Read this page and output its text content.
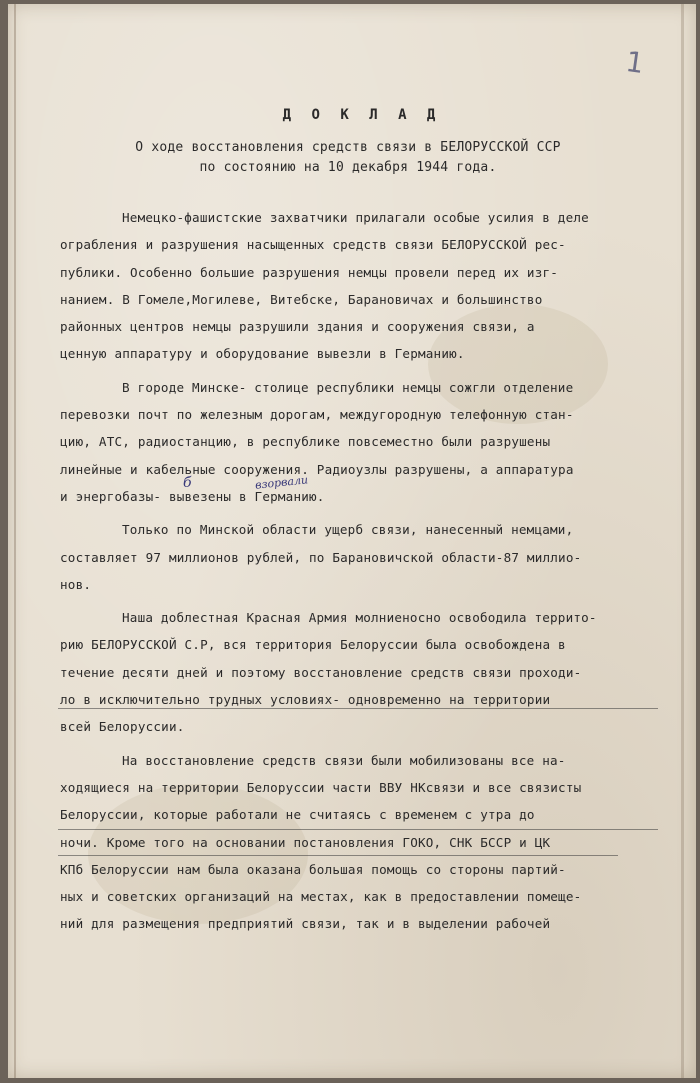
1
Д О К Л А Д
О ходе восстановления средств связи в БЕЛОРУССКОЙ ССР
по состоянию на 10 декабря 1944 года.
Немецко-фашистские захватчики прилагали особые усилия в деле
ограбления и разрушения насыщенных средств связи БЕЛОРУССКОЙ рес-
публики. Особенно большие разрушения немцы провели перед их изг-
нанием. В Гомеле,Могилеве, Витебске, Барановичах и большинство
районных центров немцы разрушили здания и сооружения связи, а
ценную аппаратуру и оборудование вывезли в Германию.
В городе Минске- столице республики немцы сожгли отделение
перевозки почт по железным дорогам, междугородную телефонную стан-
цию, АТС, радиостанцию, в республике повсеместно были разрушены
линейные и кабельные сооружения. Радиоузлы разрушены, а аппаратура
и энергобазы- вывезены в Германию.
Только по Минской области ущерб связи, нанесенный немцами,
составляет 97 миллионов рублей, по Барановичской области-87 миллио-
нов.
Наша доблестная Красная Армия молниеносно освободила террито-
рию БЕЛОРУССКОЙ С.Р, вся территория Белоруссии была освобождена в
течение десяти дней и поэтому восстановление средств связи проходи-
ло в исключительно трудных условиях- одновременно на территории
всей Белоруссии.
На восстановление средств связи были мобилизованы все на-
ходящиеся на территории Белоруссии части ВВУ НКсвязи и все связисты
Белоруссии, которые работали не считаясь с временем с утра до
ночи. Кроме того на основании постановления ГОКО, СНК БССР и ЦК
КПб Белоруссии нам была оказана большая помощь со стороны партий-
ных и советских организаций на местах, как в предоставлении помеще-
ний для размещения предприятий связи, так и в выделении рабочей
взорвали
б
